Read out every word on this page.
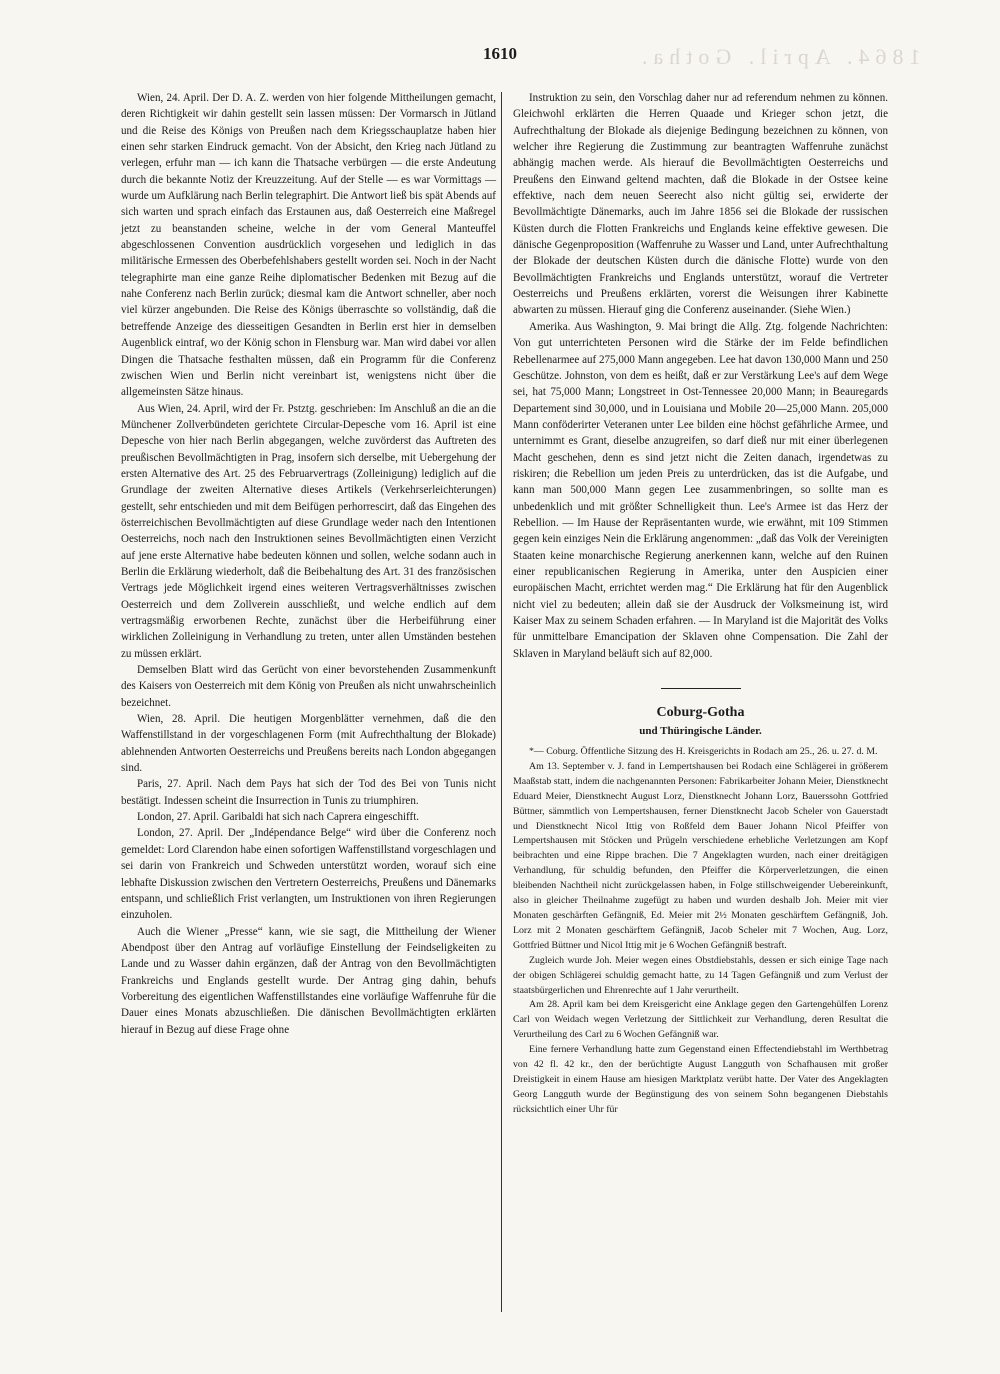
1864. April. Gotha.
1610

Wien, 24. April. Der D. A. Z. werden von hier folgende Mittheilungen gemacht, deren Richtigkeit wir dahin gestellt sein lassen müssen: Der Vormarsch in Jütland und die Reise des Königs von Preußen nach dem Kriegsschauplatze haben hier einen sehr starken Eindruck gemacht. Von der Absicht, den Krieg nach Jütland zu verlegen, erfuhr man — ich kann die Thatsache verbürgen — die erste Andeutung durch die bekannte Notiz der Kreuzzeitung. Auf der Stelle — es war Vormittags — wurde um Aufklärung nach Berlin telegraphirt. Die Antwort ließ bis spät Abends auf sich warten und sprach einfach das Erstaunen aus, daß Oesterreich eine Maßregel jetzt zu beanstanden scheine, welche in der vom General Manteuffel abgeschlossenen Convention ausdrücklich vorgesehen und lediglich in das militärische Ermessen des Oberbefehlshabers gestellt worden sei. Noch in der Nacht telegraphirte man eine ganze Reihe diplomatischer Bedenken mit Bezug auf die nahe Conferenz nach Berlin zurück; diesmal kam die Antwort schneller, aber noch viel kürzer angebunden. Die Reise des Königs überraschte so vollständig, daß die betreffende Anzeige des diesseitigen Gesandten in Berlin erst hier in demselben Augenblick eintraf, wo der König schon in Flensburg war. Man wird dabei vor allen Dingen die Thatsache festhalten müssen, daß ein Programm für die Conferenz zwischen Wien und Berlin nicht vereinbart ist, wenigstens nicht über die allgemeinsten Sätze hinaus.

Aus Wien, 24. April, wird der Fr. Pstztg. geschrieben: Im Anschluß an die an die Münchener Zollverbündeten gerichtete Circular-Depesche vom 16. April ist eine Depesche von hier nach Berlin abgegangen, welche zuvörderst das Auftreten des preußischen Bevollmächtigten in Prag, insofern sich derselbe, mit Uebergehung der ersten Alternative des Art. 25 des Februarvertrags (Zolleinigung) lediglich auf die Grundlage der zweiten Alternative dieses Artikels (Verkehrserleichterungen) gestellt, sehr entschieden und mit dem Beifügen perhorrescirt, daß das Eingehen des österreichischen Bevollmächtigten auf diese Grundlage weder nach den Intentionen Oesterreichs, noch nach den Instruktionen seines Bevollmächtigten einen Verzicht auf jene erste Alternative habe bedeuten können und sollen, welche sodann auch in Berlin die Erklärung wiederholt, daß die Beibehaltung des Art. 31 des französischen Vertrags jede Möglichkeit irgend eines weiteren Vertragsverhältnisses zwischen Oesterreich und dem Zollverein ausschließt, und welche endlich auf dem vertragsmäßig erworbenen Rechte, zunächst über die Herbeiführung einer wirklichen Zolleinigung in Verhandlung zu treten, unter allen Umständen bestehen zu müssen erklärt.

Demselben Blatt wird das Gerücht von einer bevorstehenden Zusammenkunft des Kaisers von Oesterreich mit dem König von Preußen als nicht unwahrscheinlich bezeichnet.

Wien, 28. April. Die heutigen Morgenblätter vernehmen, daß die den Waffenstillstand in der vorgeschlagenen Form (mit Aufrechthaltung der Blokade) ablehnenden Antworten Oesterreichs und Preußens bereits nach London abgegangen sind.

Paris, 27. April. Nach dem Pays hat sich der Tod des Bei von Tunis nicht bestätigt. Indessen scheint die Insurrection in Tunis zu triumphiren.

London, 27. April. Garibaldi hat sich nach Caprera eingeschifft.

London, 27. April. Der „Indépendance Belge“ wird über die Conferenz noch gemeldet: Lord Clarendon habe einen sofortigen Waffenstillstand vorgeschlagen und sei darin von Frankreich und Schweden unterstützt worden, worauf sich eine lebhafte Diskussion zwischen den Vertretern Oesterreichs, Preußens und Dänemarks entspann, und schließlich Frist verlangten, um Instruktionen von ihren Regierungen einzuholen.

Auch die Wiener „Presse“ kann, wie sie sagt, die Mittheilung der Wiener Abendpost über den Antrag auf vorläufige Einstellung der Feindseligkeiten zu Lande und zu Wasser dahin ergänzen, daß der Antrag von den Bevollmächtigten Frankreichs und Englands gestellt wurde. Der Antrag ging dahin, behufs Vorbereitung des eigentlichen Waffenstillstandes eine vorläufige Waffenruhe für die Dauer eines Monats abzuschließen. Die dänischen Bevollmächtigten erklärten hierauf in Bezug auf diese Frage ohne

Instruktion zu sein, den Vorschlag daher nur ad referendum nehmen zu können. Gleichwohl erklärten die Herren Quaade und Krieger schon jetzt, die Aufrechthaltung der Blokade als diejenige Bedingung bezeichnen zu können, von welcher ihre Regierung die Zustimmung zur beantragten Waffenruhe zunächst abhängig machen werde. Als hierauf die Bevollmächtigten Oesterreichs und Preußens den Einwand geltend machten, daß die Blokade in der Ostsee keine effektive, nach dem neuen Seerecht also nicht gültig sei, erwiderte der Bevollmächtigte Dänemarks, auch im Jahre 1856 sei die Blokade der russischen Küsten durch die Flotten Frankreichs und Englands keine effektive gewesen. Die dänische Gegenproposition (Waffenruhe zu Wasser und Land, unter Aufrechthaltung der Blokade der deutschen Küsten durch die dänische Flotte) wurde von den Bevollmächtigten Frankreichs und Englands unterstützt, worauf die Vertreter Oesterreichs und Preußens erklärten, vorerst die Weisungen ihrer Kabinette abwarten zu müssen. Hierauf ging die Conferenz auseinander. (Siehe Wien.)

Amerika. Aus Washington, 9. Mai bringt die Allg. Ztg. folgende Nachrichten: Von gut unterrichteten Personen wird die Stärke der im Felde befindlichen Rebellenarmee auf 275,000 Mann angegeben. Lee hat davon 130,000 Mann und 250 Geschütze. Johnston, von dem es heißt, daß er zur Verstärkung Lee's auf dem Wege sei, hat 75,000 Mann; Longstreet in Ost-Tennessee 20,000 Mann; in Beauregards Departement sind 30,000, und in Louisiana und Mobile 20—25,000 Mann. 205,000 Mann conföderirter Veteranen unter Lee bilden eine höchst gefährliche Armee, und unternimmt es Grant, dieselbe anzugreifen, so darf dieß nur mit einer überlegenen Macht geschehen, denn es sind jetzt nicht die Zeiten danach, irgendetwas zu riskiren; die Rebellion um jeden Preis zu unterdrücken, das ist die Aufgabe, und kann man 500,000 Mann gegen Lee zusammenbringen, so sollte man es unbedenklich und mit größter Schnelligkeit thun. Lee's Armee ist das Herz der Rebellion. — Im Hause der Repräsentanten wurde, wie erwähnt, mit 109 Stimmen gegen kein einziges Nein die Erklärung angenommen: „daß das Volk der Vereinigten Staaten keine monarchische Regierung anerkennen kann, welche auf den Ruinen einer republicanischen Regierung in Amerika, unter den Auspicien einer europäischen Macht, errichtet werden mag.“ Die Erklärung hat für den Augenblick nicht viel zu bedeuten; allein daß sie der Ausdruck der Volksmeinung ist, wird Kaiser Max zu seinem Schaden erfahren. — In Maryland ist die Majorität des Volks für unmittelbare Emancipation der Sklaven ohne Compensation. Die Zahl der Sklaven in Maryland beläuft sich auf 82,000.

Coburg-Gotha
und Thüringische Länder.

*— Coburg. Öffentliche Sitzung des H. Kreisgerichts in Rodach am 25., 26. u. 27. d. M.

Am 13. September v. J. fand in Lempertshausen bei Rodach eine Schlägerei in größerem Maaßstab statt, indem die nachgenannten Personen: Fabrikarbeiter Johann Meier, Dienstknecht Eduard Meier, Dienstknecht August Lorz, Dienstknecht Johann Lorz, Bauerssohn Gottfried Büttner, sämmtlich von Lempertshausen, ferner Dienstknecht Jacob Scheler von Gauerstadt und Dienstknecht Nicol Ittig von Roßfeld dem Bauer Johann Nicol Pfeiffer von Lempertshausen mit Stöcken und Prügeln verschiedene erhebliche Verletzungen am Kopf beibrachten und eine Rippe brachen. Die 7 Angeklagten wurden, nach einer dreitägigen Verhandlung, für schuldig befunden, den Pfeiffer die Körperverletzungen, die einen bleibenden Nachtheil nicht zurückgelassen haben, in Folge stillschweigender Uebereinkunft, also in gleicher Theilnahme zugefügt zu haben und wurden deshalb Joh. Meier mit vier Monaten geschärften Gefängniß, Ed. Meier mit 2½ Monaten geschärftem Gefängniß, Joh. Lorz mit 2 Monaten geschärftem Gefängniß, Jacob Scheler mit 7 Wochen, Aug. Lorz, Gottfried Büttner und Nicol Ittig mit je 6 Wochen Gefängniß bestraft.

Zugleich wurde Joh. Meier wegen eines Obstdiebstahls, dessen er sich einige Tage nach der obigen Schlägerei schuldig gemacht hatte, zu 14 Tagen Gefängniß und zum Verlust der staatsbürgerlichen und Ehrenrechte auf 1 Jahr verurtheilt.

Am 28. April kam bei dem Kreisgericht eine Anklage gegen den Gartengehülfen Lorenz Carl von Weidach wegen Verletzung der Sittlichkeit zur Verhandlung, deren Resultat die Verurtheilung des Carl zu 6 Wochen Gefängniß war.

Eine fernere Verhandlung hatte zum Gegenstand einen Effectendiebstahl im Werthbetrag von 42 fl. 42 kr., den der berüchtigte August Langguth von Schafhausen mit großer Dreistigkeit in einem Hause am hiesigen Marktplatz verübt hatte. Der Vater des Angeklagten Georg Langguth wurde der Begünstigung des von seinem Sohn begangenen Diebstahls rücksichtlich einer Uhr für
